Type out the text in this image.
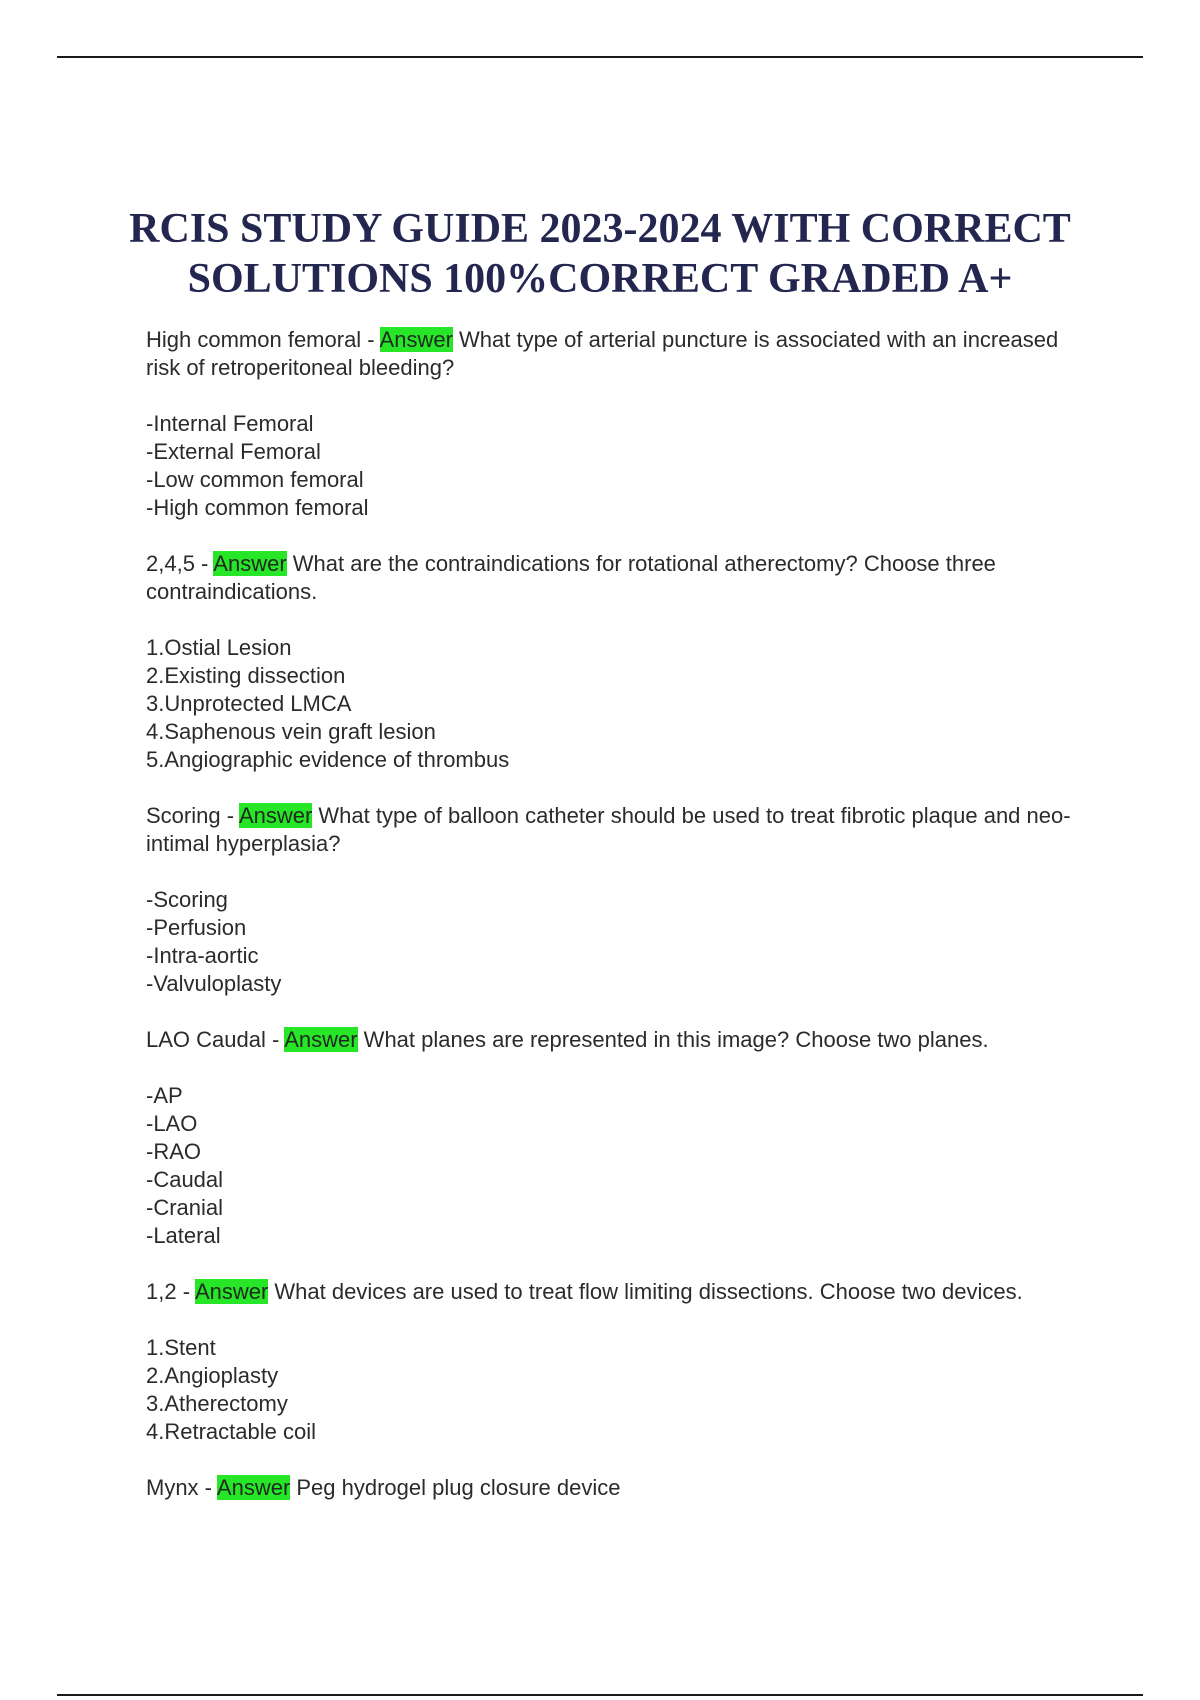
RCIS STUDY GUIDE 2023-2024 WITH CORRECT SOLUTIONS 100%CORRECT GRADED A+

High common femoral - Answer What type of arterial puncture is associated with an increased risk of retroperitoneal bleeding?

-Internal Femoral

-External Femoral

-Low common femoral

-High common femoral

2,4,5 - Answer What are the contraindications for rotational atherectomy? Choose three contraindications.

1.Ostial Lesion

2.Existing dissection

3.Unprotected LMCA

4.Saphenous vein graft lesion

5.Angiographic evidence of thrombus

Scoring - Answer What type of balloon catheter should be used to treat fibrotic plaque and neo-intimal hyperplasia?

-Scoring

-Perfusion

-Intra-aortic

-Valvuloplasty

LAO Caudal - Answer What planes are represented in this image? Choose two planes.

-AP

-LAO

-RAO

-Caudal

-Cranial

-Lateral

1,2 - Answer What devices are used to treat flow limiting dissections. Choose two devices.

1.Stent

2.Angioplasty

3.Atherectomy

4.Retractable coil

Mynx - Answer Peg hydrogel plug closure device
